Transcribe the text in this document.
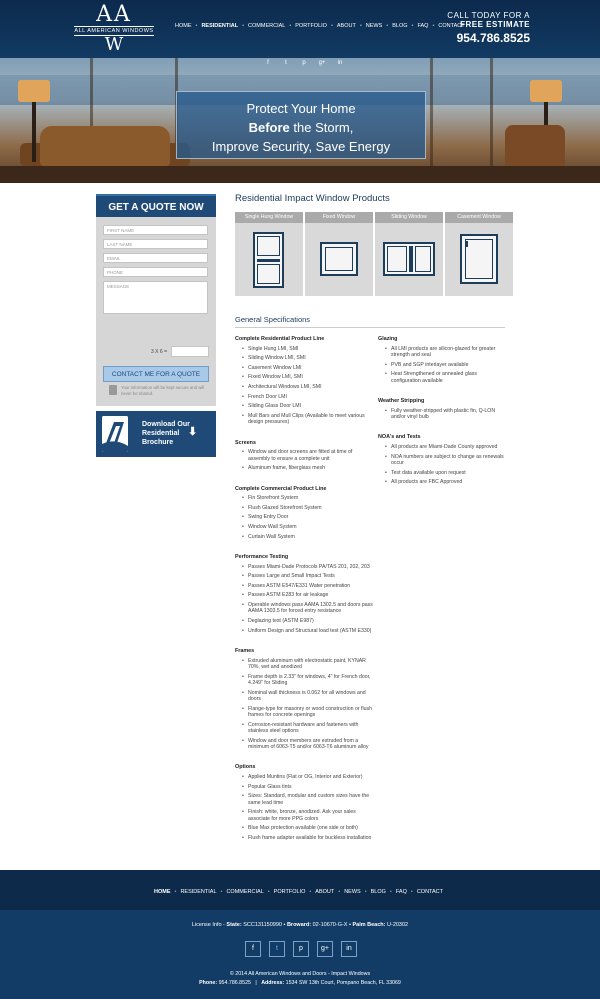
AA
ALL AMERICAN WINDOWS
W
HOME • RESIDENTIAL • COMMERCIAL • PORTFOLIO • ABOUT • NEWS • BLOG • FAQ • CONTACT
CALL TODAY FOR A
FREE ESTIMATE
954.786.8525
f	t	p	g+	in
Protect Your Home
Before the Storm,
Improve Security, Save Energy
GET A QUOTE NOW
FIRST NAME
LAST NAME
EMAIL
PHONE
MESSAGE
3 X 6 =
CONTACT ME FOR A QUOTE
Your information will be kept secure and will never be shared.
Download Our
Residential
Brochure
⬇
Residential Impact Window Products
Single Hung Window	Fixed Window	Sliding Window	Casement Window
General Specifications
Complete Residential Product Line
• Single Hung LMI, SMI
• Sliding Window LMI, SMI
• Casement Window LMI
• Fixed Window LMI, SMI
• Architectural Windows LMI, SMI
• French Door LMI
• Sliding Glass Door LMI
• Mull Bars and Mull Clips (Available to meet various design pressures)
Screens
• Window and door screens are fitted at time of assembly to ensure a complete unit
• Aluminum frame, fiberglass mesh
Complete Commercial Product Line
• Fin Storefront System
• Flush Glazed Storefront System
• Swing Entry Door
• Window Wall System
• Curtain Wall System
Performance Testing
• Passes Miami-Dade Protocols PA/TAS 201, 202, 203
• Passes Large and Small Impact Tests
• Passes ASTM E547/E331 Water penetration
• Passes ASTM E283 for air leakage
• Operable windows pass AAMA 1302.5 and doors pass AAMA 1303.5 for forced entry resistance
• Deglazing test (ASTM E987)
• Uniform Design and Structural load test (ASTM E330)
Frames
• Extruded aluminum with electrostatic paint, KYNAR 70%, wet and anodized
• Frame depth is 2.33" for windows, 4" for French door, 4.249" for Sliding
• Nominal wall thickness is 0.062 for all windows and doors
• Flange-type for masonry or wood construction or flush frames for concrete openings
• Corrosion-resistant hardware and fasteners with stainless steel options
• Window and door members are extruded from a minimum of 6063-T5 and/or 6063-T6 aluminum alloy
Options
• Applied Muntins (Flat or OG, Interior and Exterior)
• Popular Glass tints
• Sizes: Standard, modular and custom sizes have the same lead time
• Finish: white, bronze, anodized. Ask your sales associate for more PPG colors
• Blue Max protection available (one side or both)
• Flush frame adapter available for buckless installation
Glazing
• All LMI products are silicon-glazed for greater strength and seal
• PVB and SGP interlayer available
• Heat Strengthened or annealed glass configuration available
Weather Stripping
• Fully weather-stripped with plastic fin, Q-LON and/or vinyl bulb
NOA's and Tests
• All products are Miami-Dade County approved
• NOA numbers are subject to change as renewals occur
• Test data available upon request
• All products are FBC Approved
HOME • RESIDENTIAL • COMMERCIAL • PORTFOLIO • ABOUT • NEWS • BLOG • FAQ • CONTACT
License Info - State: SCC131150990 • Broward: 02-10670-G-X • Palm Beach: U-20302
f	t	p	g+	in
© 2014 All American Windows and Doors - Impact Windows
Phone: 954.786.8525   |   Address: 1534 SW 13th Court, Pompano Beach, FL 33069
